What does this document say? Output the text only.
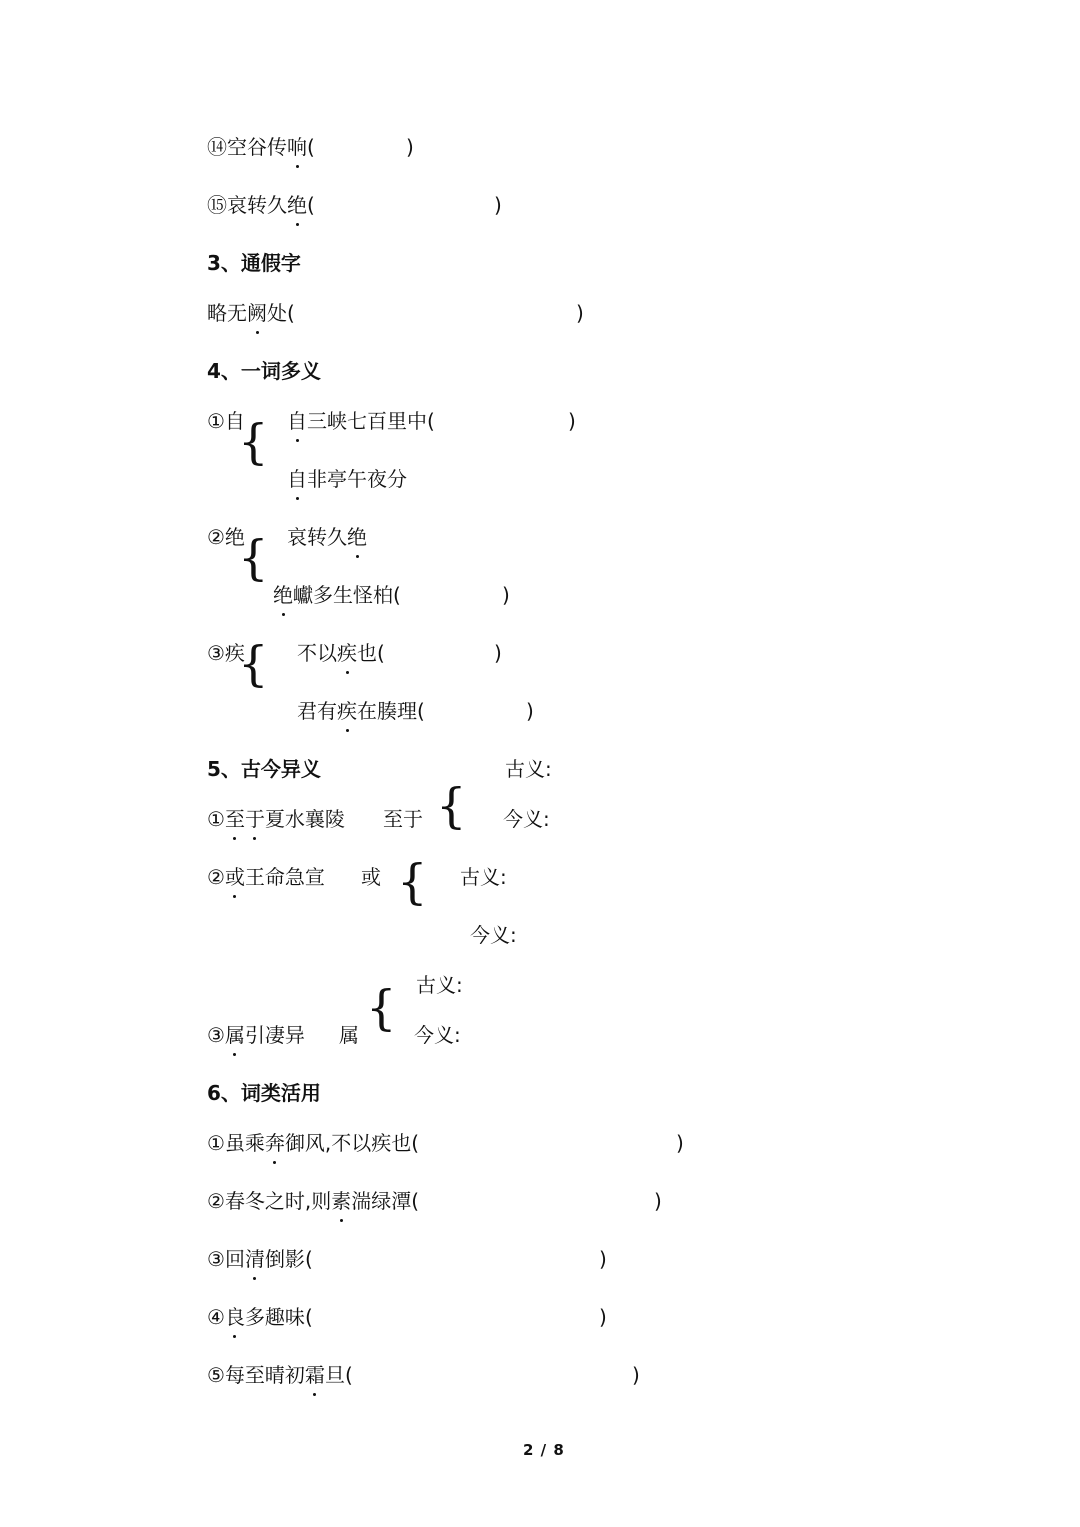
⑭空谷传响(	)
⑮哀转久绝(	)
3、通假字
略无阙处(	)
4、一词多义
①自
{ 自三峡七百里中(	)
自非亭午夜分
②绝
{ 哀转久绝
绝巘多生怪柏(	)
③疾
{ 不以疾也(	)
君有疾在腠理(	)
5、古今异义	古义:
①至于夏水襄陵 至于 { 今义:
②或王命急宣 或 { 古义:
今义:
古义:
{
③属引凄异 属	今义:
6、词类活用
①虽乘奔御风,不以疾也(	)
②春冬之时,则素湍绿潭(	)
③回清倒影(	)
④良多趣味(	)
⑤每至晴初霜旦(	)
2 / 8
